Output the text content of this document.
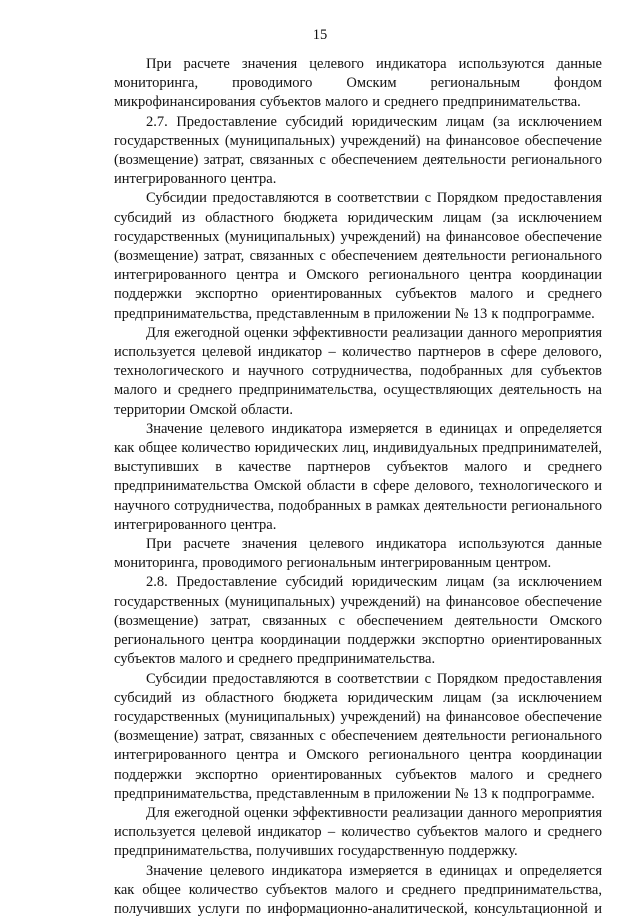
15

При расчете значения целевого индикатора используются данные мониторинга, проводимого Омским региональным фондом микрофинансирования субъектов малого и среднего предпринимательства.

2.7. Предоставление субсидий юридическим лицам (за исключением государственных (муниципальных) учреждений) на финансовое обеспечение (возмещение) затрат, связанных с обеспечением деятельности регионального интегрированного центра.

Субсидии предоставляются в соответствии с Порядком предоставления субсидий из областного бюджета юридическим лицам (за исключением государственных (муниципальных) учреждений) на финансовое обеспечение (возмещение) затрат, связанных с обеспечением деятельности регионального интегрированного центра и Омского регионального центра координации поддержки экспортно ориентированных субъектов малого и среднего предпринимательства, представленным в приложении № 13 к подпрограмме.

Для ежегодной оценки эффективности реализации данного мероприятия используется целевой индикатор – количество партнеров в сфере делового, технологического и научного сотрудничества, подобранных для субъектов малого и среднего предпринимательства, осуществляющих деятельность на территории Омской области.

Значение целевого индикатора измеряется в единицах и определяется как общее количество юридических лиц, индивидуальных предпринимателей, выступивших в качестве партнеров субъектов малого и среднего предпринимательства Омской области в сфере делового, технологического и научного сотрудничества, подобранных в рамках деятельности регионального интегрированного центра.

При расчете значения целевого индикатора используются данные мониторинга, проводимого региональным интегрированным центром.

2.8. Предоставление субсидий юридическим лицам (за исключением государственных (муниципальных) учреждений) на финансовое обеспечение (возмещение) затрат, связанных с обеспечением деятельности Омского регионального центра координации поддержки экспортно ориентированных субъектов малого и среднего предпринимательства.

Субсидии предоставляются в соответствии с Порядком предоставления субсидий из областного бюджета юридическим лицам (за исключением государственных (муниципальных) учреждений) на финансовое обеспечение (возмещение) затрат, связанных с обеспечением деятельности регионального интегрированного центра и Омского регионального центра координации поддержки экспортно ориентированных субъектов малого и среднего предпринимательства, представленным в приложении № 13 к подпрограмме.

Для ежегодной оценки эффективности реализации данного мероприятия используется целевой индикатор – количество субъектов малого и среднего предпринимательства, получивших государственную поддержку.

Значение целевого индикатора измеряется в единицах и определяется как общее количество субъектов малого и среднего предпринимательства, получивших услуги по информационно-аналитической, консультационной и
